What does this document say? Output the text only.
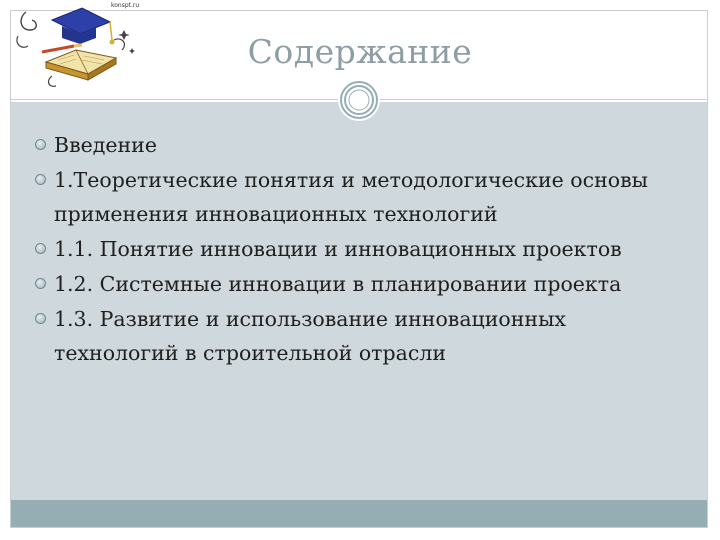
konspt.ru
Содержание
Введение
1.Теоретические понятия и методологические основы применения инновационных технологий
1.1. Понятие инновации и инновационных проектов
1.2. Системные инновации в планировании проекта
1.3. Развитие и использование инновационных технологий в строительной отрасли
